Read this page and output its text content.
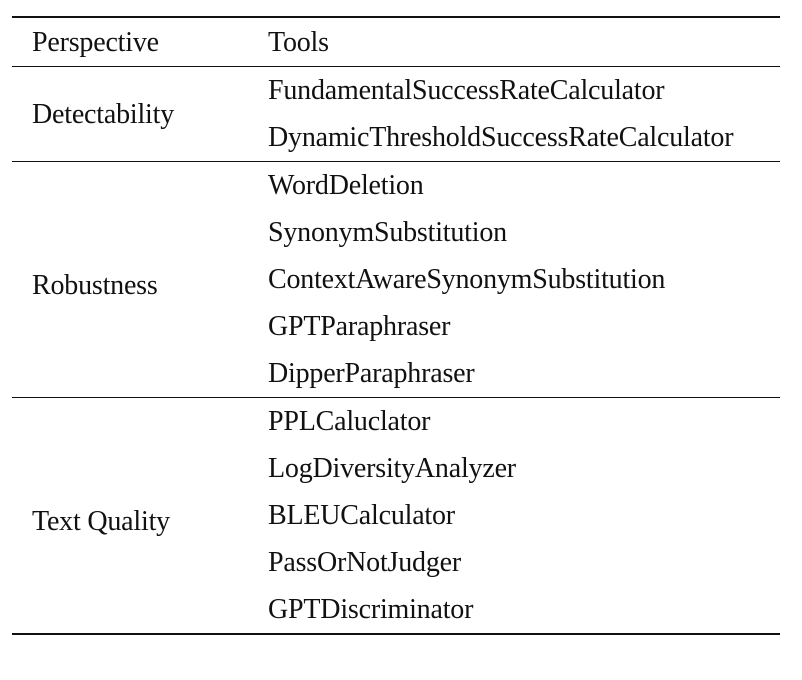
Perspective	Tools
Detectability	FundamentalSuccessRateCalculator
	DynamicThresholdSuccessRateCalculator
Robustness	WordDeletion
	SynonymSubstitution
	ContextAwareSynonymSubstitution
	GPTParaphraser
	DipperParaphraser
Text Quality	PPLCaluclator
	LogDiversityAnalyzer
	BLEUCalculator
	PassOrNotJudger
	GPTDiscriminator
